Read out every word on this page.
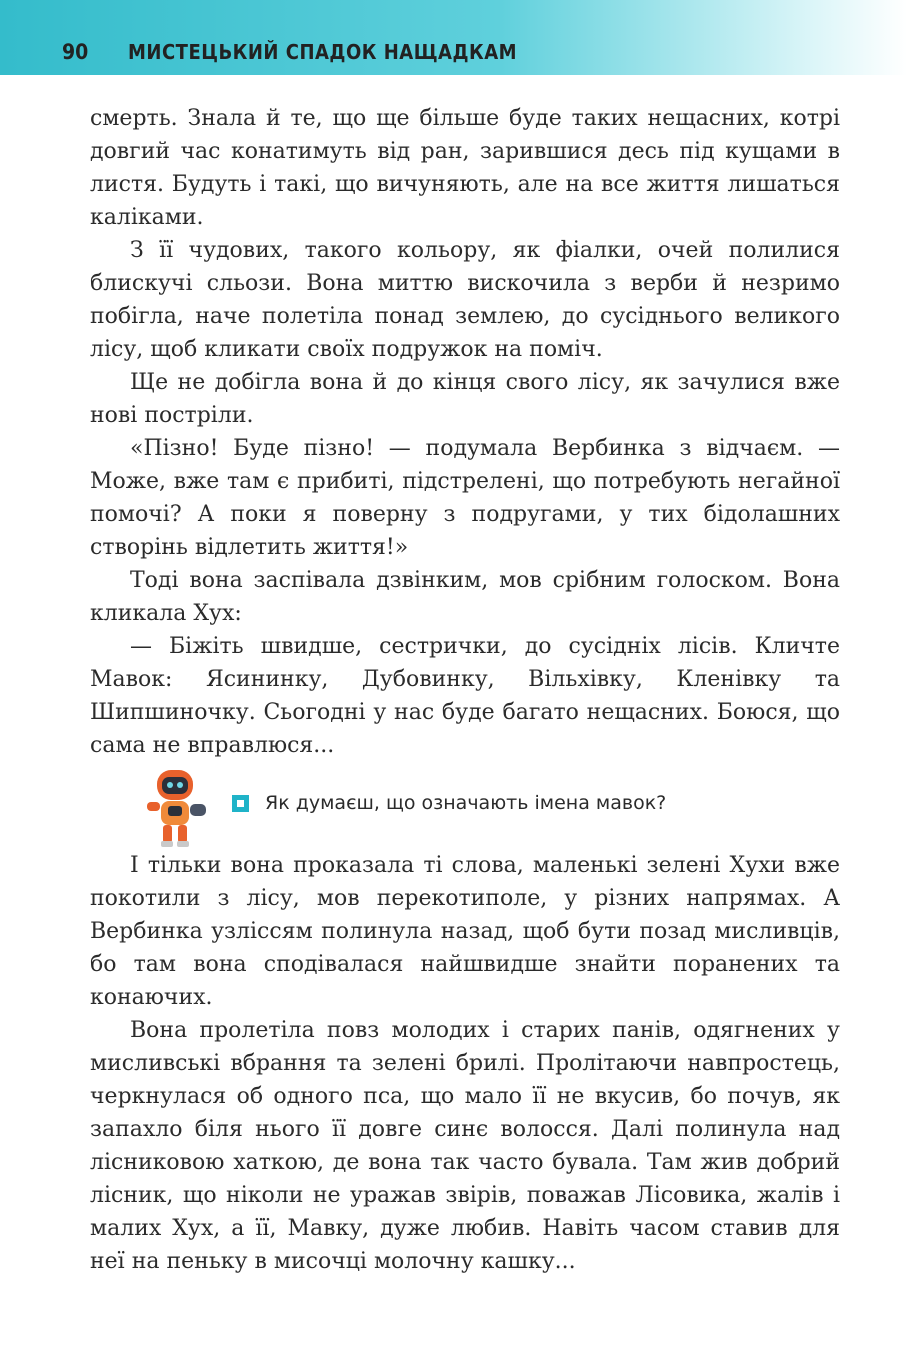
90 МИСТЕЦЬКИЙ СПАДОК НАЩАДКАМ

смерть. Знала й те, що ще більше буде таких нещасних, котрі довгий час конатимуть від ран, зарившися десь під кущами в листя. Будуть і такі, що вичуняють, але на все життя лишаться каліками.

З її чудових, такого кольору, як фіалки, очей полилися блискучі сльози. Вона миттю вискочила з верби й незримо побігла, наче полетіла понад землею, до сусіднього великого лісу, щоб кликати своїх подружок на поміч.

Ще не добігла вона й до кінця свого лісу, як зачулися вже нові постріли.

«Пізно! Буде пізно! — подумала Вербинка з відчаєм. — Може, вже там є прибиті, підстрелені, що потребують негайної помочі? А поки я поверну з подругами, у тих бідолашних створінь відлетить життя!»

Тоді вона заспівала дзвінким, мов срібним голоском. Вона кликала Хух:

— Біжіть швидше, сестрички, до сусідніх лісів. Кличте Мавок: Ясининку, Дубовинку, Вільхівку, Кленівку та Шипшиночку. Сьогодні у нас буде багато нещасних. Боюся, що сама не вправлюся...

Як думаєш, що означають імена мавок?

І тільки вона проказала ті слова, маленькі зелені Хухи вже покотили з лісу, мов перекотиполе, у різних напрямах. А Вербинка узліссям полинула назад, щоб бути позад мисливців, бо там вона сподівалася найшвидше знайти поранених та конаючих.

Вона пролетіла повз молодих і старих панів, одягнених у мисливські вбрання та зелені брилі. Пролітаючи навпростець, черкнулася об одного пса, що мало її не вкусив, бо почув, як запахло біля нього її довге синє волосся. Далі полинула над лісниковою хаткою, де вона так часто бувала. Там жив добрий лісник, що ніколи не уражав звірів, поважав Лісовика, жалів і малих Хух, а її, Мавку, дуже любив. Навіть часом ставив для неї на пеньку в мисочці молочну кашку...
